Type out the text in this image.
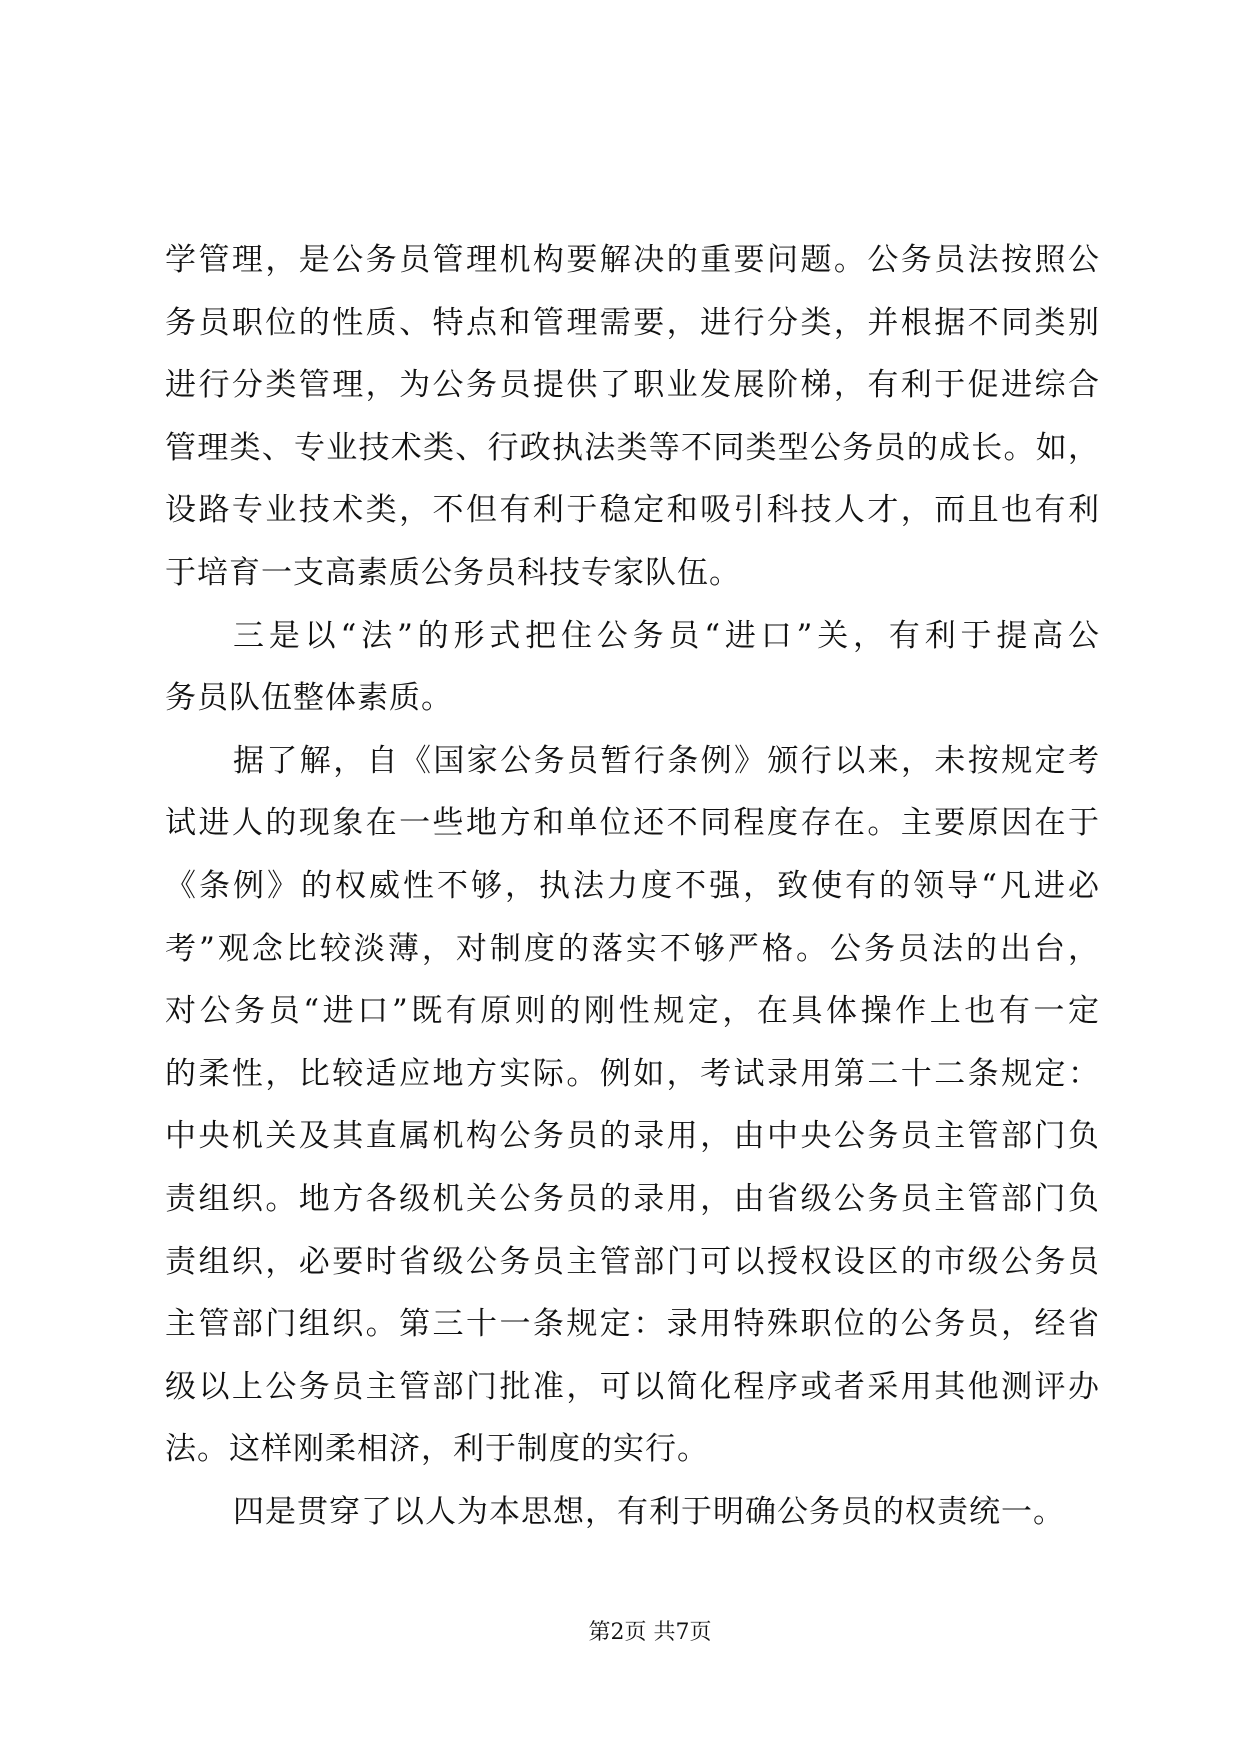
学管理，是公务员管理机构要解决的重要问题。公务员法按照公
务员职位的性质、特点和管理需要，进行分类，并根据不同类别
进行分类管理，为公务员提供了职业发展阶梯，有利于促进综合
管理类、专业技术类、行政执法类等不同类型公务员的成长。如，
设路专业技术类，不但有利于稳定和吸引科技人才，而且也有利
于培育一支高素质公务员科技专家队伍。
三是以“法”的形式把住公务员“进口”关，有利于提高公
务员队伍整体素质。
据了解，自《国家公务员暂行条例》颁行以来，未按规定考
试进人的现象在一些地方和单位还不同程度存在。主要原因在于
《条例》的权威性不够，执法力度不强，致使有的领导“凡进必
考”观念比较淡薄，对制度的落实不够严格。公务员法的出台，
对公务员“进口”既有原则的刚性规定，在具体操作上也有一定
的柔性，比较适应地方实际。例如，考试录用第二十二条规定：
中央机关及其直属机构公务员的录用，由中央公务员主管部门负
责组织。地方各级机关公务员的录用，由省级公务员主管部门负
责组织，必要时省级公务员主管部门可以授权设区的市级公务员
主管部门组织。第三十一条规定：录用特殊职位的公务员，经省
级以上公务员主管部门批准，可以简化程序或者采用其他测评办
法。这样刚柔相济，利于制度的实行。
四是贯穿了以人为本思想，有利于明确公务员的权责统一。
第2页 共7页
